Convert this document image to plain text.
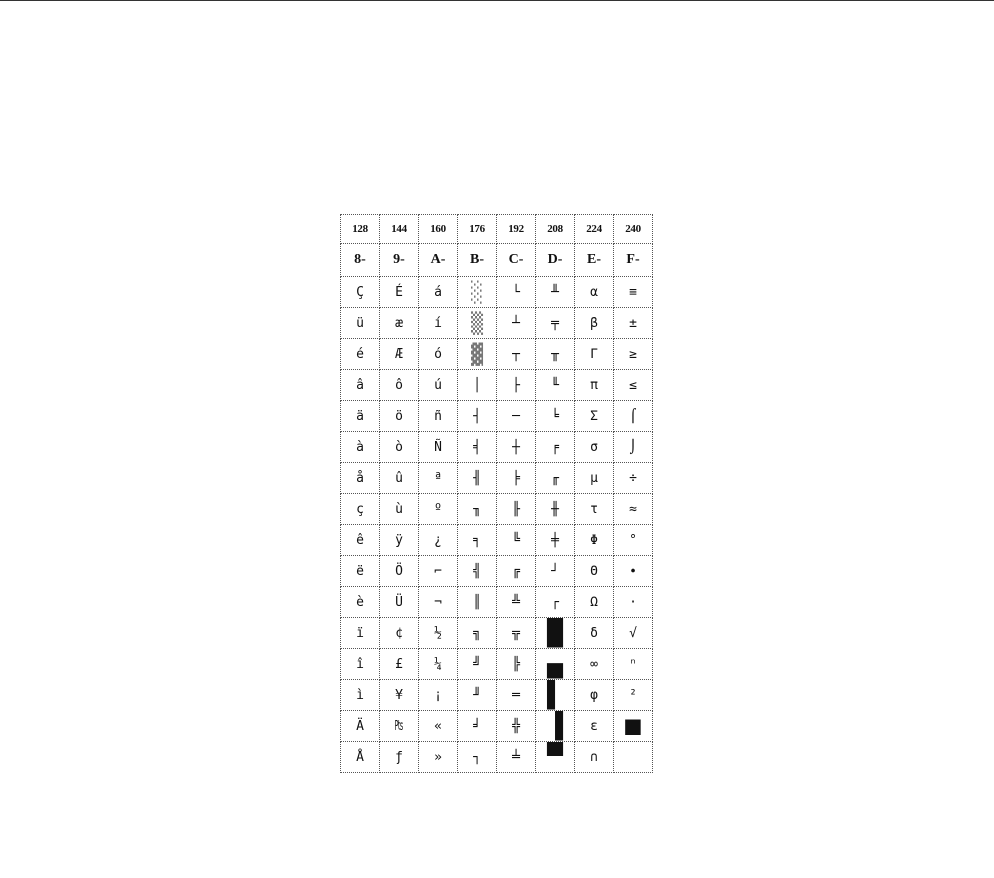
128	144	160	176	192	208	224	240
8-	9-	A-	B-	C-	D-	E-	F-
Ç	É	á	░	└	╨	α	≡
ü	æ	í	▒	┴	╤	β	±
é	Æ	ó	▓	┬	╥	Γ	≥
â	ô	ú	│	├	╙	π	≤
ä	ö	ñ	┤	─	╘	Σ	⌠
à	ò	Ñ	╡	┼	╒	σ	⌡
å	û	ª	╢	╞	╓	µ	÷
ç	ù	º	╖	╟	╫	τ	≈
ê	ÿ	¿	╕	╚	╪	Φ	°
ë	Ö	⌐	╣	╔	┘	Θ	∙
è	Ü	¬	║	╩	┌	Ω	·
ï	¢	½	╗	╦	█	δ	√
î	£	¼	╝	╠	▄	∞	ⁿ
ì	¥	¡	╜	═	▌	φ	²
Ä	₧	«	╛	╬	▐	ε	■
Å	ƒ	»	┐	╧	▀	∩	
